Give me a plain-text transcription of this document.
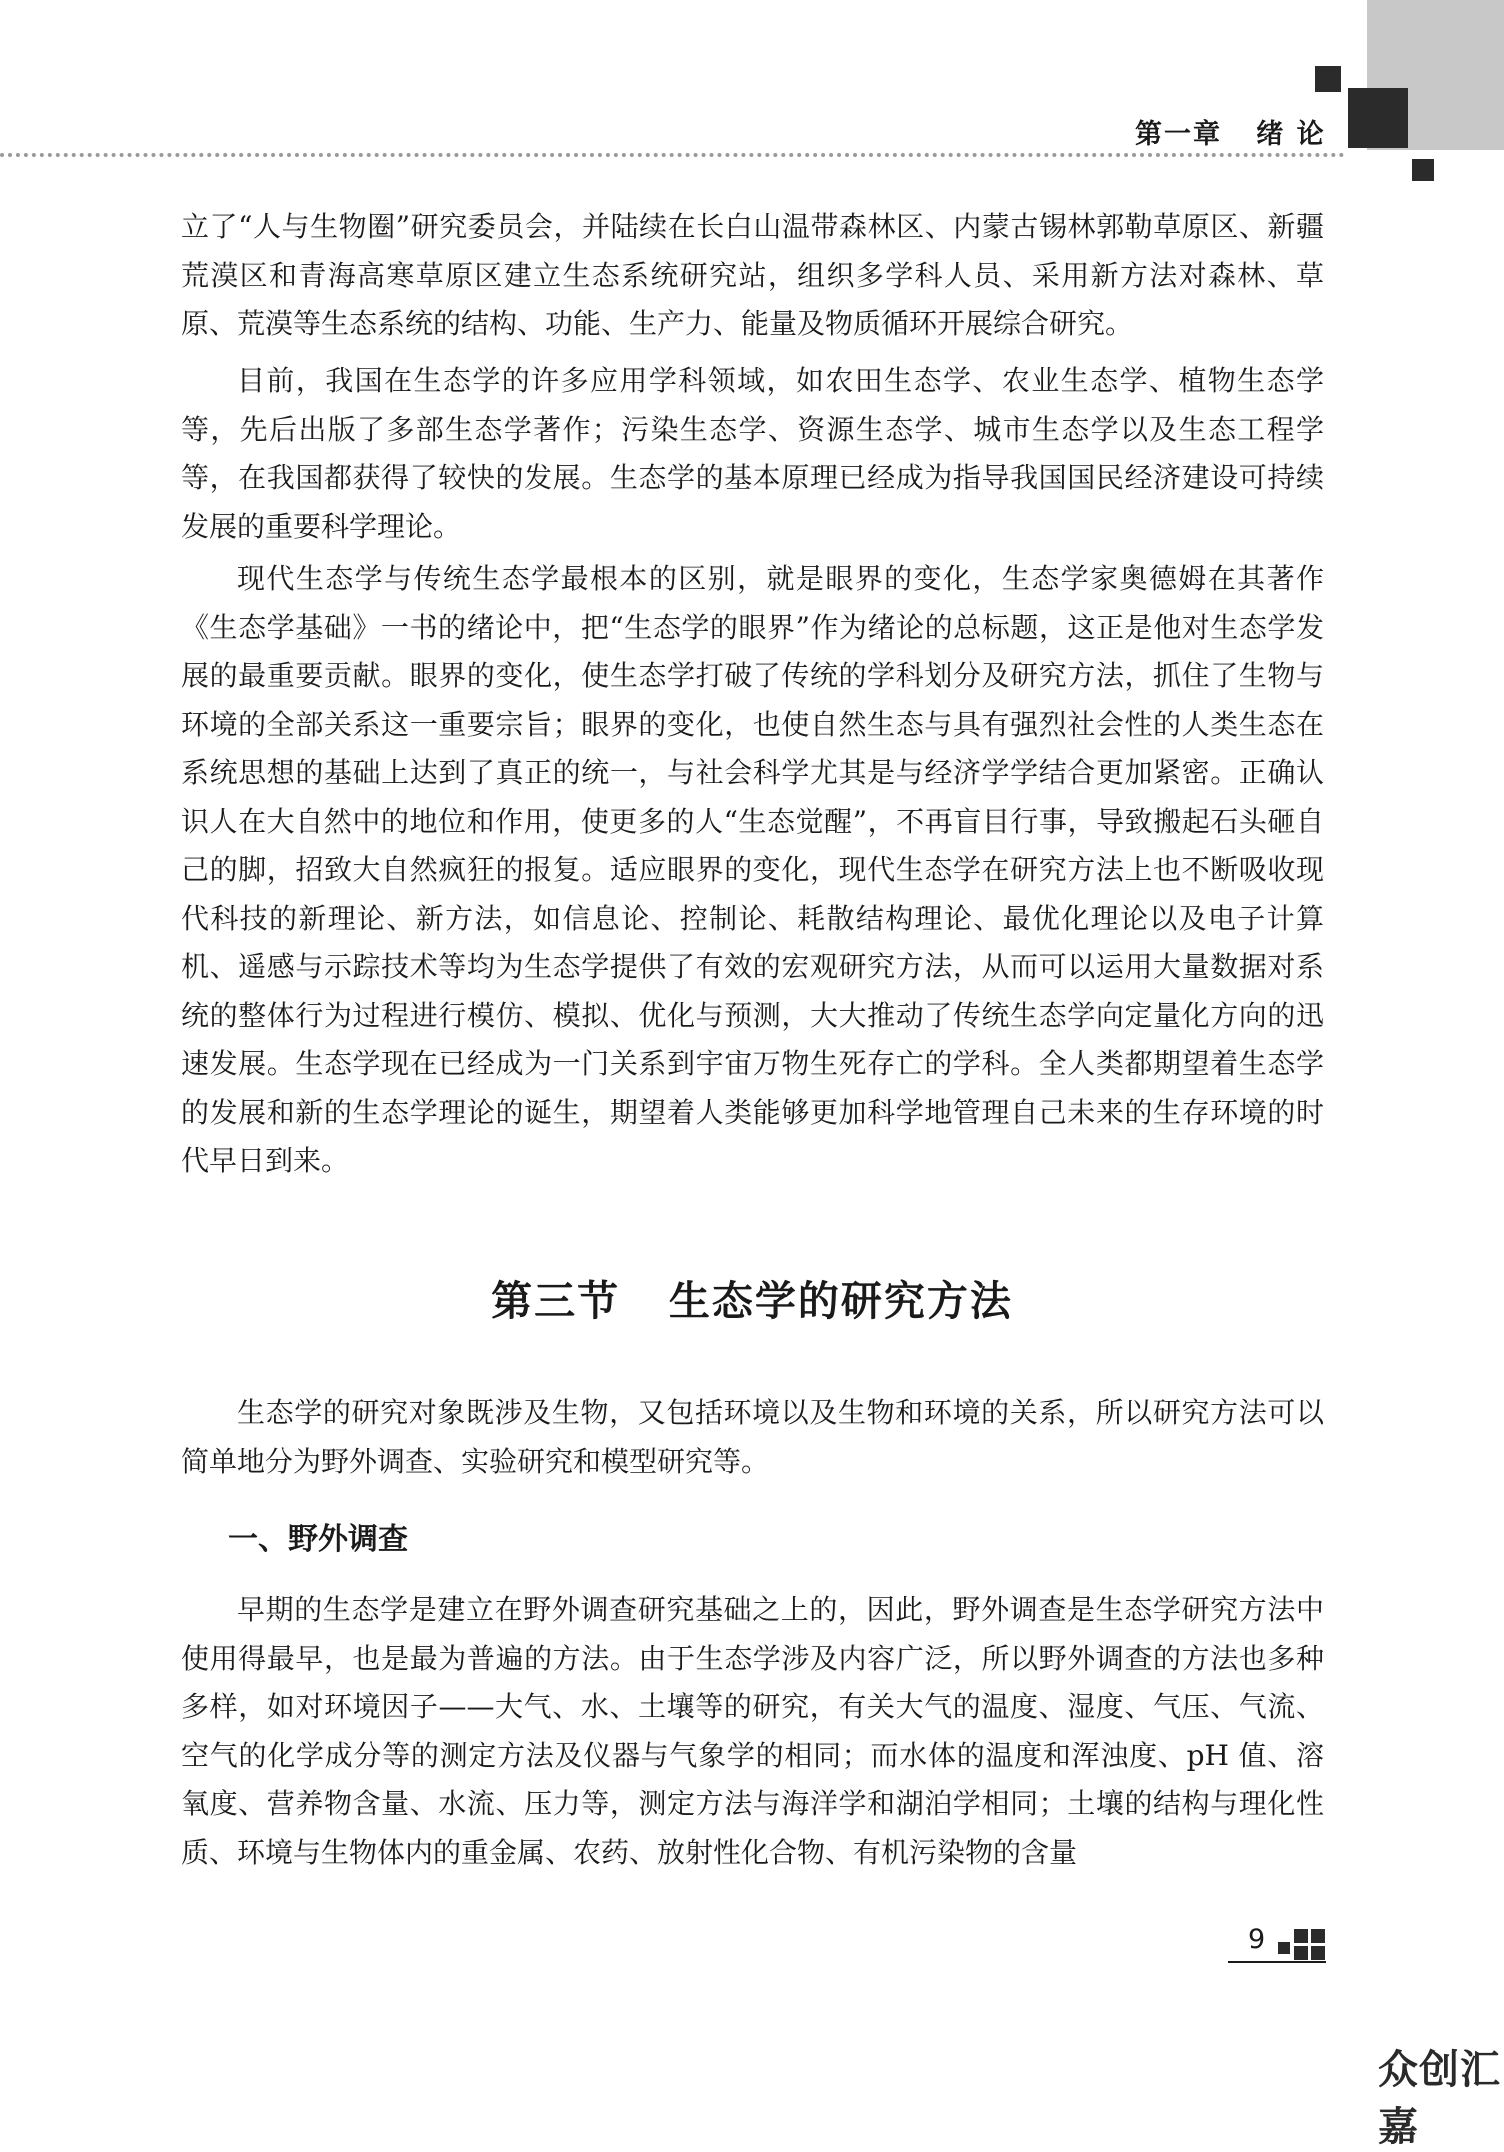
第一章   绪 论

立了“人与生物圈”研究委员会，并陆续在长白山温带森林区、内蒙古锡林郭勒草原区、新疆荒漠区和青海高寒草原区建立生态系统研究站，组织多学科人员、采用新方法对森林、草原、荒漠等生态系统的结构、功能、生产力、能量及物质循环开展综合研究。

目前，我国在生态学的许多应用学科领域，如农田生态学、农业生态学、植物生态学等，先后出版了多部生态学著作；污染生态学、资源生态学、城市生态学以及生态工程学等，在我国都获得了较快的发展。生态学的基本原理已经成为指导我国国民经济建设可持续发展的重要科学理论。

现代生态学与传统生态学最根本的区别，就是眼界的变化，生态学家奥德姆在其著作《生态学基础》一书的绪论中，把“生态学的眼界”作为绪论的总标题，这正是他对生态学发展的最重要贡献。眼界的变化，使生态学打破了传统的学科划分及研究方法，抓住了生物与环境的全部关系这一重要宗旨；眼界的变化，也使自然生态与具有强烈社会性的人类生态在系统思想的基础上达到了真正的统一，与社会科学尤其是与经济学学结合更加紧密。正确认识人在大自然中的地位和作用，使更多的人“生态觉醒”，不再盲目行事，导致搬起石头砸自己的脚，招致大自然疯狂的报复。适应眼界的变化，现代生态学在研究方法上也不断吸收现代科技的新理论、新方法，如信息论、控制论、耗散结构理论、最优化理论以及电子计算机、遥感与示踪技术等均为生态学提供了有效的宏观研究方法，从而可以运用大量数据对系统的整体行为过程进行模仿、模拟、优化与预测，大大推动了传统生态学向定量化方向的迅速发展。生态学现在已经成为一门关系到宇宙万物生死存亡的学科。全人类都期望着生态学的发展和新的生态学理论的诞生，期望着人类能够更加科学地管理自己未来的生存环境的时代早日到来。

第三节   生态学的研究方法

生态学的研究对象既涉及生物，又包括环境以及生物和环境的关系，所以研究方法可以简单地分为野外调查、实验研究和模型研究等。

一、野外调查

早期的生态学是建立在野外调查研究基础之上的，因此，野外调查是生态学研究方法中使用得最早，也是最为普遍的方法。由于生态学涉及内容广泛，所以野外调查的方法也多种多样，如对环境因子——大气、水、土壤等的研究，有关大气的温度、湿度、气压、气流、空气的化学成分等的测定方法及仪器与气象学的相同；而水体的温度和浑浊度、pH 值、溶氧度、营养物含量、水流、压力等，测定方法与海洋学和湖泊学相同；土壤的结构与理化性质、环境与生物体内的重金属、农药、放射性化合物、有机污染物的含量

9
众创汇嘉
